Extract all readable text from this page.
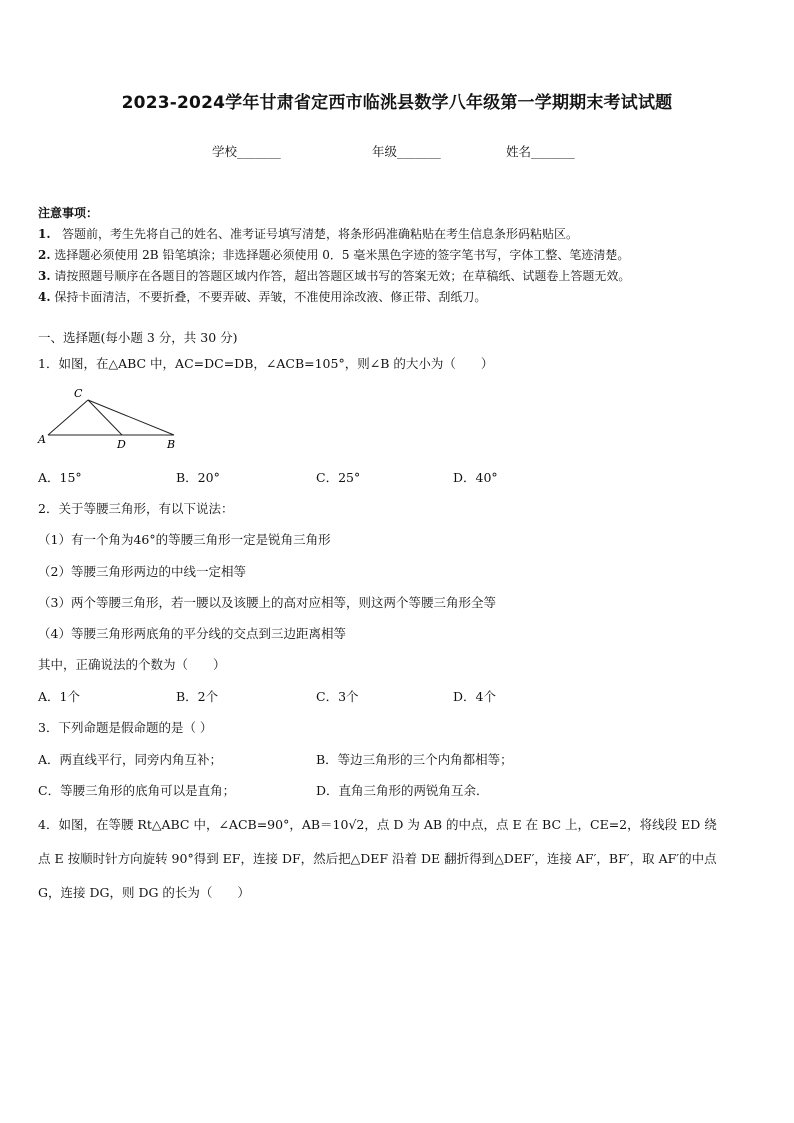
2023-2024学年甘肃省定西市临洮县数学八年级第一学期期末考试试题
学校_______	年级_______	姓名_______
注意事项：
1. 答题前，考生先将自己的姓名、准考证号填写清楚，将条形码准确粘贴在考生信息条形码粘贴区。
2. 选择题必须使用 2B 铅笔填涂；非选择题必须使用 0．5 毫米黑色字迹的签字笔书写，字体工整、笔迹清楚。
3. 请按照题号顺序在各题目的答题区域内作答，超出答题区域书写的答案无效；在草稿纸、试题卷上答题无效。
4. 保持卡面清洁，不要折叠，不要弄破、弄皱，不准使用涂改液、修正带、刮纸刀。
一、选择题(每小题 3 分，共 30 分)
1．如图，在△ABC 中，AC=DC=DB，∠ACB=105°，则∠B 的大小为（　　）
C
A	D	B
A．15°	B．20°	C．25°	D．40°
2．关于等腰三角形，有以下说法：
（1）有一个角为46°的等腰三角形一定是锐角三角形
（2）等腰三角形两边的中线一定相等
（3）两个等腰三角形，若一腰以及该腰上的高对应相等，则这两个等腰三角形全等
（4）等腰三角形两底角的平分线的交点到三边距离相等
其中，正确说法的个数为（　　）
A．1个	B．2个	C．3个	D．4个
3．下列命题是假命题的是（ ）
A．两直线平行，同旁内角互补；	B．等边三角形的三个内角都相等；
C．等腰三角形的底角可以是直角；	D．直角三角形的两锐角互余．
4．如图，在等腰 Rt△ABC 中，∠ACB=90°，AB＝10√2，点 D 为 AB 的中点，点 E 在 BC 上，CE=2，将线段 ED 绕
点 E 按顺时针方向旋转 90°得到 EF，连接 DF，然后把△DEF 沿着 DE 翻折得到△DEF′，连接 AF′，BF′，取 AF′的中点
G，连接 DG，则 DG 的长为（　　）
